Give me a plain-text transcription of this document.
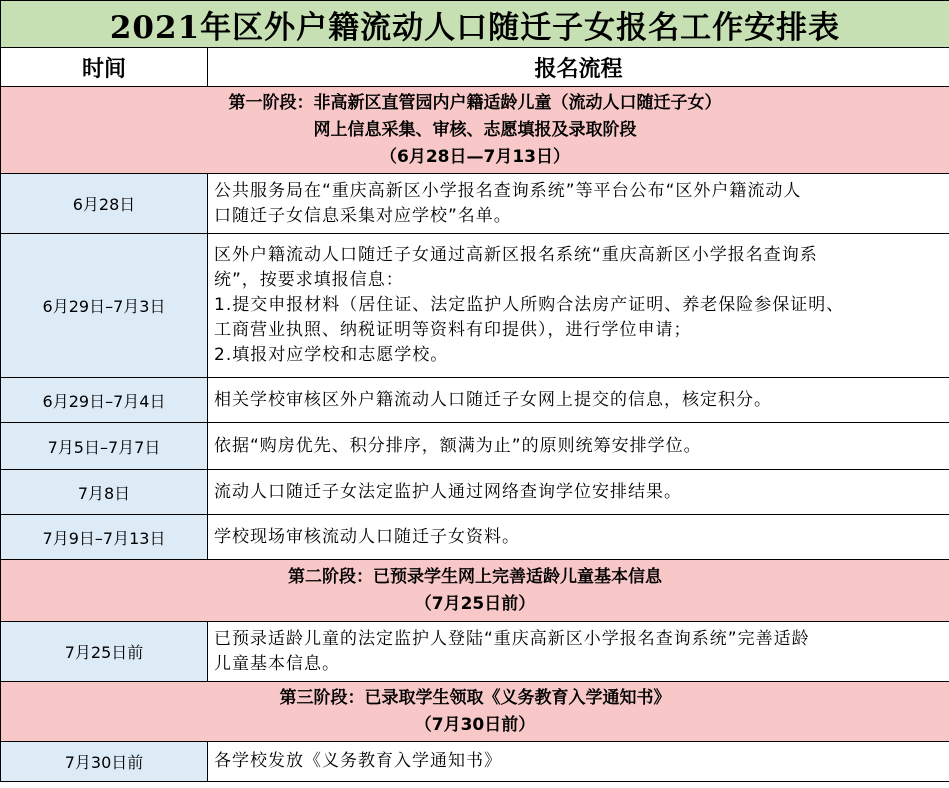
2021年区外户籍流动人口随迁子女报名工作安排表	
时间	报名流程

第一阶段：非高新区直管园内户籍适龄儿童（流动人口随迁子女）
网上信息采集、审核、志愿填报及录取阶段
（6月28日—7月13日）	

6月28日	公共服务局在“重庆高新区小学报名查询系统”等平台公布“区外户籍流动人
口随迁子女信息采集对应学校”名单。

6月29日–7月3日	区外户籍流动人口随迁子女通过高新区报名系统“重庆高新区小学报名查询系
统”，按要求填报信息：
1.提交申报材料（居住证、法定监护人所购合法房产证明、养老保险参保证明、
工商营业执照、纳税证明等资料有印提供），进行学位申请；
2.填报对应学校和志愿学校。

6月29日–7月4日	相关学校审核区外户籍流动人口随迁子女网上提交的信息，核定积分。

7月5日–7月7日	依据“购房优先、积分排序，额满为止”的原则统筹安排学位。

7月8日	流动人口随迁子女法定监护人通过网络查询学位安排结果。

7月9日–7月13日	学校现场审核流动人口随迁子女资料。

第二阶段：已预录学生网上完善适龄儿童基本信息
（7月25日前）	

7月25日前	已预录适龄儿童的法定监护人登陆“重庆高新区小学报名查询系统”完善适龄
儿童基本信息。

第三阶段：已录取学生领取《义务教育入学通知书》
（7月30日前）	

7月30日前	各学校发放《义务教育入学通知书》
